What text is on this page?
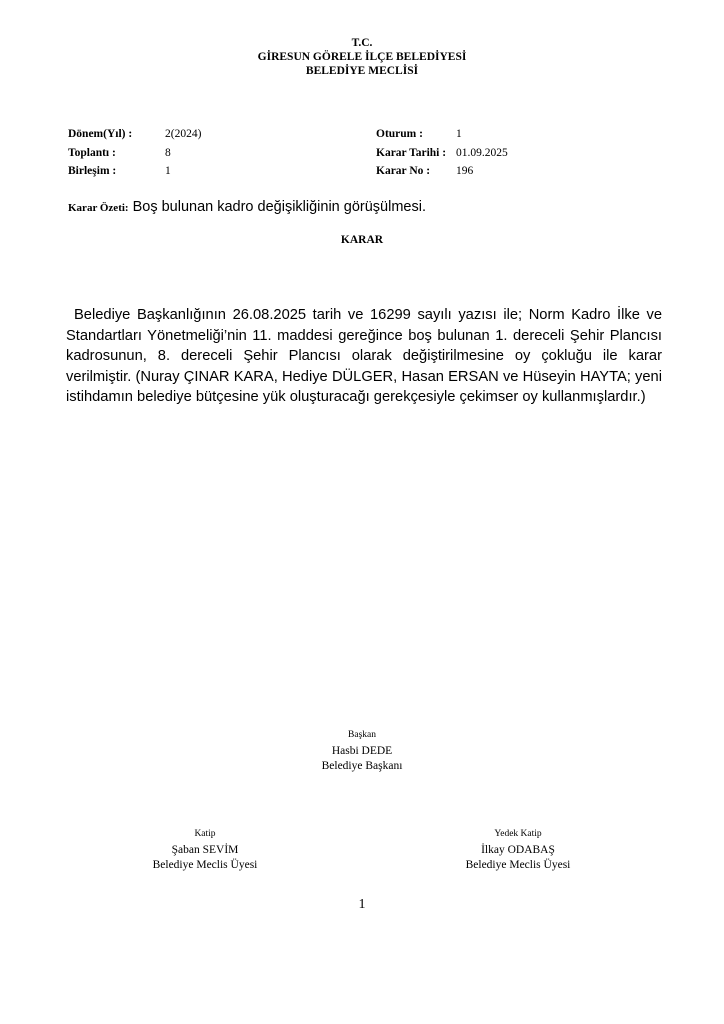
T.C.
GİRESUN GÖRELE İLÇE BELEDİYESİ
BELEDİYE MECLİSİ
Dönem(Yıl) :	2(2024)	Oturum :	1
Toplantı :	8	Karar Tarihi : 01.09.2025
Birleşim :	1	Karar No : 196
Karar Özeti: Boş bulunan kadro değişikliğinin görüşülmesi.
KARAR

Belediye Başkanlığının 26.08.2025 tarih ve 16299 sayılı yazısı ile; Norm Kadro İlke ve Standartları Yönetmeliği’nin 11. maddesi gereğince boş bulunan 1. dereceli Şehir Plancısı kadrosunun, 8. dereceli Şehir Plancısı olarak değiştirilmesine oy çokluğu ile karar verilmiştir. (Nuray ÇINAR KARA, Hediye DÜLGER, Hasan ERSAN ve Hüseyin HAYTA; yeni istihdamın belediye bütçesine yük oluşturacağı gerekçesiyle çekimser oy kullanmışlardır.)

Başkan
Hasbi DEDE
Belediye Başkanı
Katip
Şaban SEVİM
Belediye Meclis Üyesi
Yedek Katip
İlkay ODABAŞ
Belediye Meclis Üyesi
1
